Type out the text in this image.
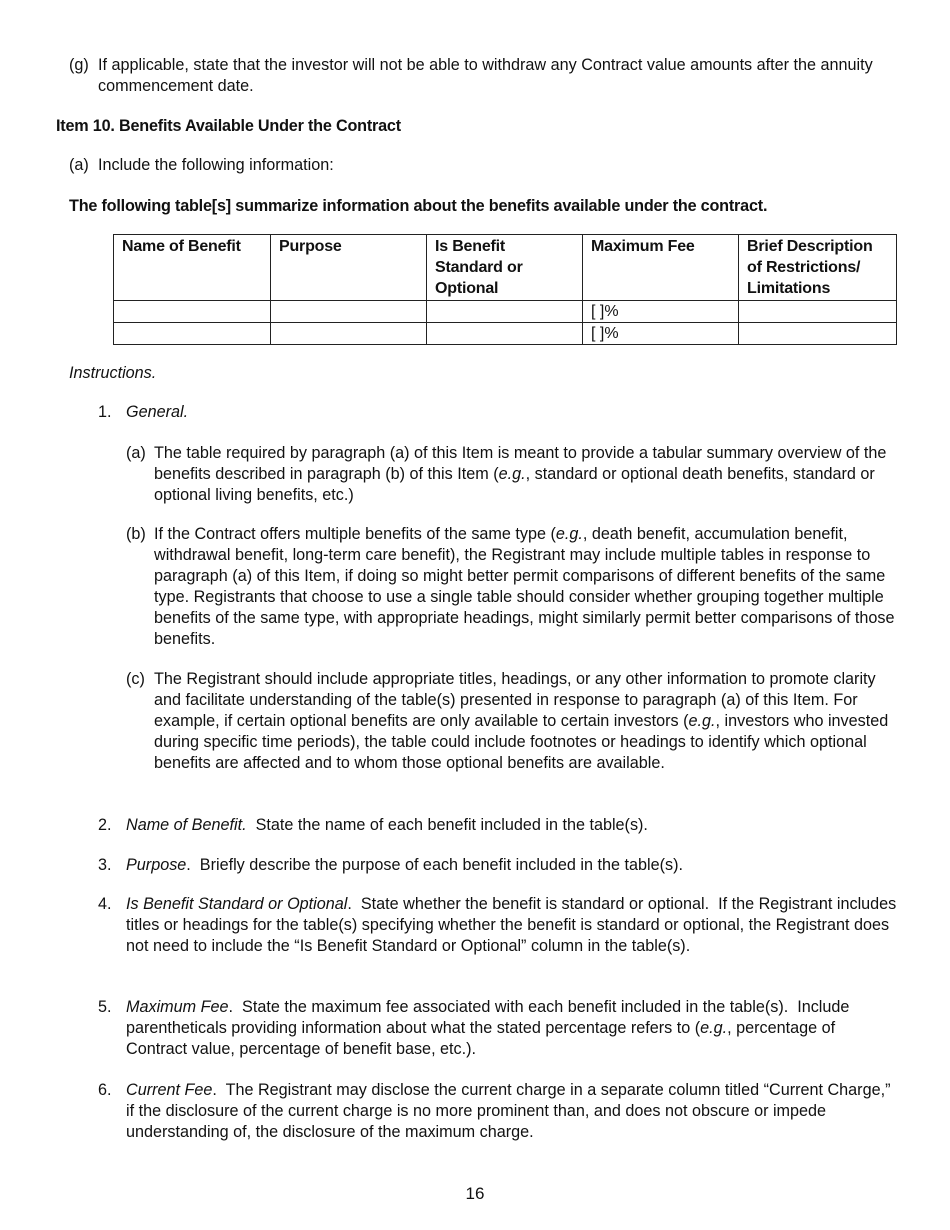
(g) If applicable, state that the investor will not be able to withdraw any Contract value amounts after the annuity commencement date.
Item 10. Benefits Available Under the Contract
(a) Include the following information:
The following table[s] summarize information about the benefits available under the contract.
Name of Benefit	Purpose	Is Benefit Standard or Optional	Maximum Fee	Brief Description of Restrictions/ Limitations
			[ ]%	
			[ ]%	
Instructions.
1. General.
(a) The table required by paragraph (a) of this Item is meant to provide a tabular summary overview of the benefits described in paragraph (b) of this Item (e.g., standard or optional death benefits, standard or optional living benefits, etc.)
(b) If the Contract offers multiple benefits of the same type (e.g., death benefit, accumulation benefit, withdrawal benefit, long-term care benefit), the Registrant may include multiple tables in response to paragraph (a) of this Item, if doing so might better permit comparisons of different benefits of the same type. Registrants that choose to use a single table should consider whether grouping together multiple benefits of the same type, with appropriate headings, might similarly permit better comparisons of those benefits.
(c) The Registrant should include appropriate titles, headings, or any other information to promote clarity and facilitate understanding of the table(s) presented in response to paragraph (a) of this Item. For example, if certain optional benefits are only available to certain investors (e.g., investors who invested during specific time periods), the table could include footnotes or headings to identify which optional benefits are affected and to whom those optional benefits are available.
2. Name of Benefit.  State the name of each benefit included in the table(s).
3. Purpose.  Briefly describe the purpose of each benefit included in the table(s).
4. Is Benefit Standard or Optional.  State whether the benefit is standard or optional.  If the Registrant includes titles or headings for the table(s) specifying whether the benefit is standard or optional, the Registrant does not need to include the “Is Benefit Standard or Optional” column in the table(s).
5. Maximum Fee.  State the maximum fee associated with each benefit included in the table(s).  Include parentheticals providing information about what the stated percentage refers to (e.g., percentage of Contract value, percentage of benefit base, etc.).
6. Current Fee.  The Registrant may disclose the current charge in a separate column titled “Current Charge,” if the disclosure of the current charge is no more prominent than, and does not obscure or impede understanding of, the disclosure of the maximum charge.
16
